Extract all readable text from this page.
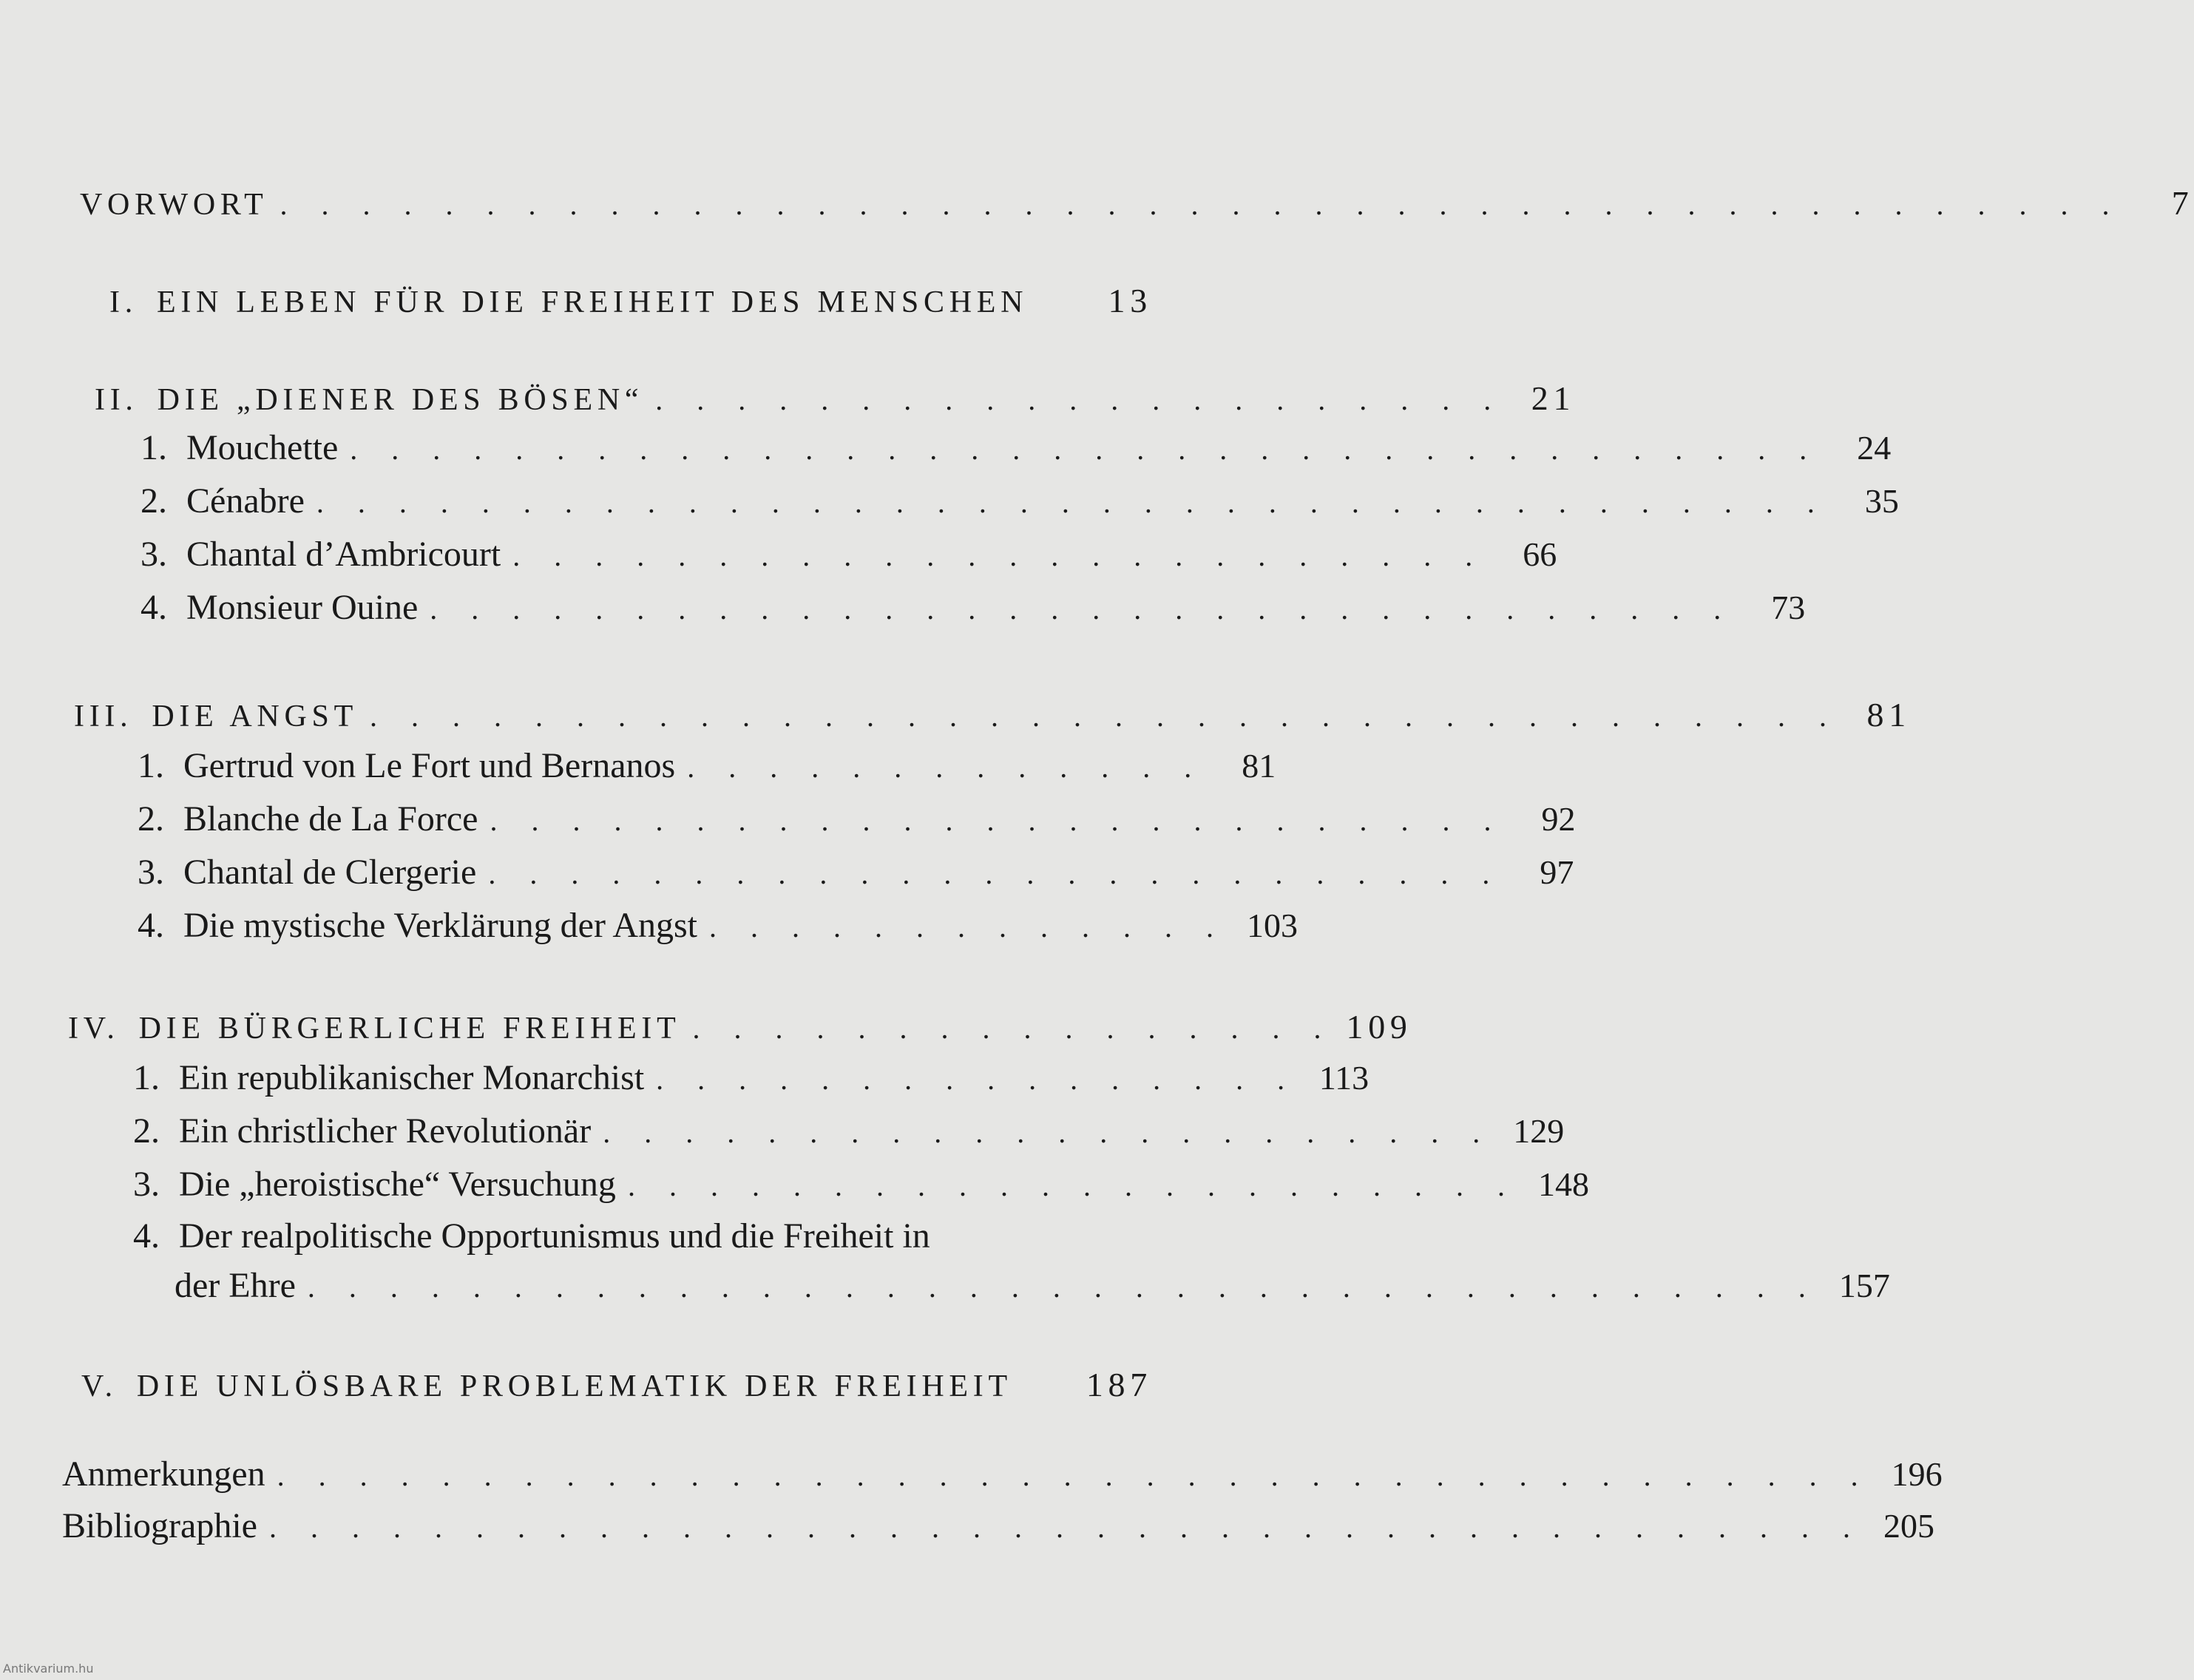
VORWORT . . . . . . . . . . . . . . . . . . . . . . . . . . . . . . . . . . . . . . . . . . . . .	7
I. EIN LEBEN FÜR DIE FREIHEIT DES MENSCHEN	13
II. DIE „DIENER DES BÖSEN“ . . . . . . . . . . . . . . . . . . . . . 21
1. Mouchette . . . . . . . . . . . . . . . . . . . . . . . . . . . . . . . . . . . .	24
2. Cénabre . . . . . . . . . . . . . . . . . . . . . . . . . . . . . . . . . . . . .	35
3. Chantal d’Ambricourt . . . . . . . . . . . . . . . . . . . . . . . .	66
4. Monsieur Ouine . . . . . . . . . . . . . . . . . . . . . . . . . . . . . . . .	73
III. DIE ANGST . . . . . . . . . . . . . . . . . . . . . . . . . . . . . . . . . . . . 81
1. Gertrud von Le Fort und Bernanos . . . . . . . . . . . . .	81
2. Blanche de La Force . . . . . . . . . . . . . . . . . . . . . . . . .	92
3. Chantal de Clergerie . . . . . . . . . . . . . . . . . . . . . . . . .	97
4. Die mystische Verklärung der Angst . . . . . . . . . . . . . 103
IV. DIE BÜRGERLICHE FREIHEIT . . . . . . . . . . . . . . . . 109
1. Ein republikanischer Monarchist . . . . . . . . . . . . . . . . 113
2. Ein christlicher Revolutionär . . . . . . . . . . . . . . . . . . . . . . 129
3. Die „heroistische“ Versuchung . . . . . . . . . . . . . . . . . . . . . . 148
4. Der realpolitische Opportunismus und die Freiheit in
der Ehre . . . . . . . . . . . . . . . . . . . . . . . . . . . . . . . . . . . . . 157
V. DIE UNLÖSBARE PROBLEMATIK DER FREIHEIT 187
Anmerkungen . . . . . . . . . . . . . . . . . . . . . . . . . . . . . . . . . . . . . . . 196
Bibliographie . . . . . . . . . . . . . . . . . . . . . . . . . . . . . . . . . . . . . . . 205
Antikvarium.hu
